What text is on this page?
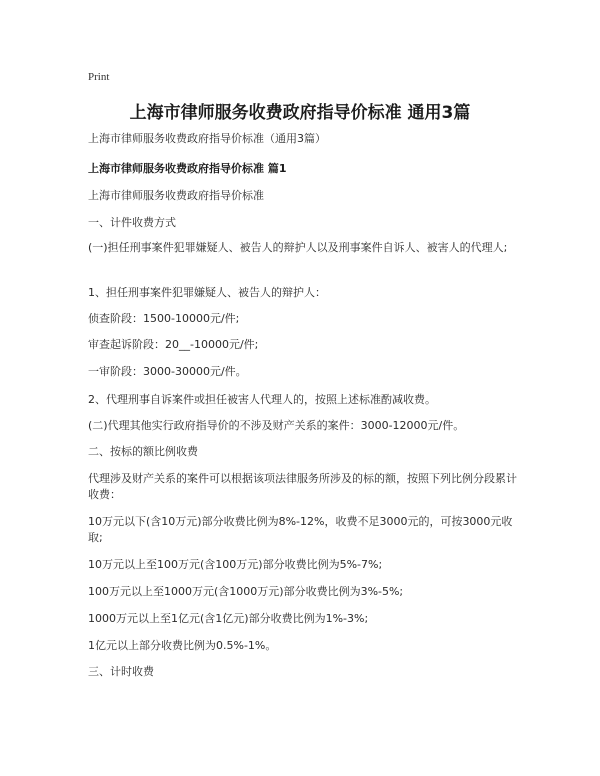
Print
上海市律师服务收费政府指导价标准 通用3篇
上海市律师服务收费政府指导价标准（通用3篇）
上海市律师服务收费政府指导价标准 篇1
上海市律师服务收费政府指导价标准
一、计件收费方式
(一)担任刑事案件犯罪嫌疑人、被告人的辩护人以及刑事案件自诉人、被害人的代理人;
1、担任刑事案件犯罪嫌疑人、被告人的辩护人：
侦查阶段：1500-10000元/件;
审查起诉阶段：20__-10000元/件;
一审阶段：3000-30000元/件。
2、代理刑事自诉案件或担任被害人代理人的，按照上述标准酌减收费。
(二)代理其他实行政府指导价的不涉及财产关系的案件：3000-12000元/件。
二、按标的额比例收费
代理涉及财产关系的案件可以根据该项法律服务所涉及的标的额，按照下列比例分段累计收费：
10万元以下(含10万元)部分收费比例为8%-12%，收费不足3000元的，可按3000元收取;
10万元以上至100万元(含100万元)部分收费比例为5%-7%;
100万元以上至1000万元(含1000万元)部分收费比例为3%-5%;
1000万元以上至1亿元(含1亿元)部分收费比例为1%-3%;
1亿元以上部分收费比例为0.5%-1%。
三、计时收费
